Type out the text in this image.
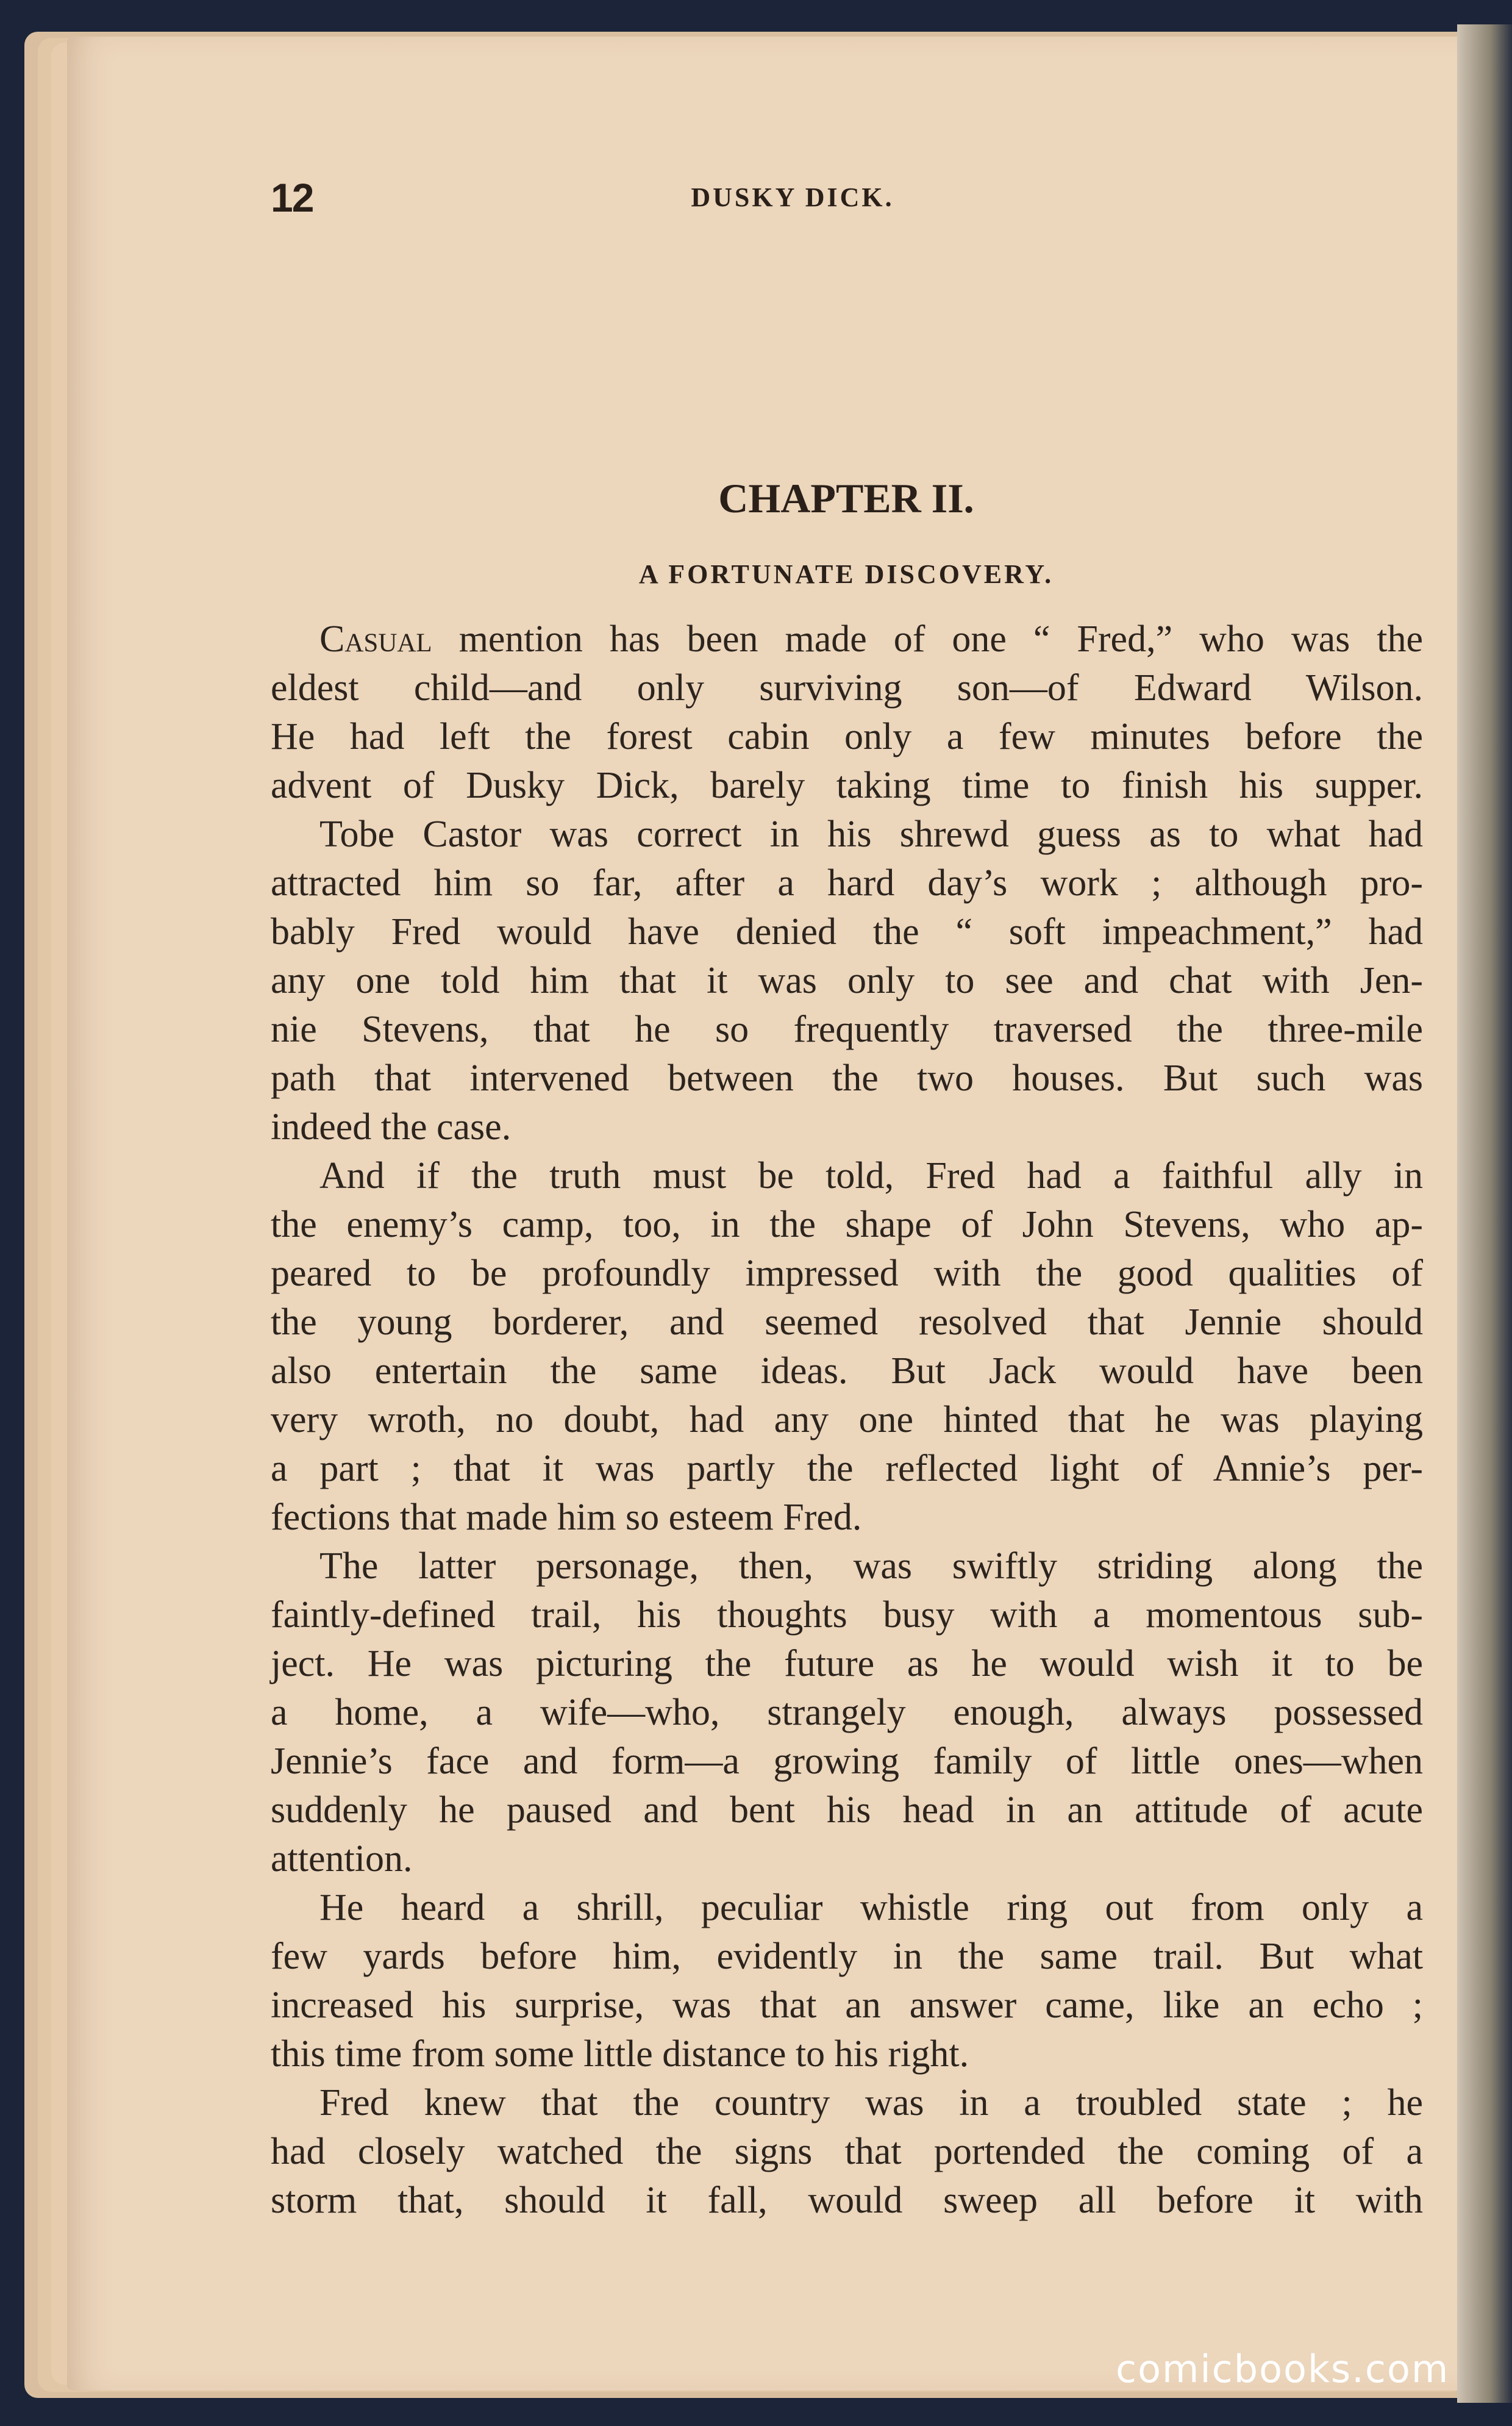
12	DUSKY DICK.
CHAPTER II.
A FORTUNATE DISCOVERY.
Casual mention has been made of one “ Fred,” who was the
eldest child—and only surviving son—of Edward Wilson.
He had left the forest cabin only a few minutes before the
advent of Dusky Dick, barely taking time to finish his supper.
Tobe Castor was correct in his shrewd guess as to what had
attracted him so far, after a hard day’s work ; although pro-
bably Fred would have denied the “ soft impeachment,” had
any one told him that it was only to see and chat with Jen-
nie Stevens, that he so frequently traversed the three-mile
path that intervened between the two houses. But such was
indeed the case.
And if the truth must be told, Fred had a faithful ally in
the enemy’s camp, too, in the shape of John Stevens, who ap-
peared to be profoundly impressed with the good qualities of
the young borderer, and seemed resolved that Jennie should
also entertain the same ideas. But Jack would have been
very wroth, no doubt, had any one hinted that he was playing
a part ; that it was partly the reflected light of Annie’s per-
fections that made him so esteem Fred.
The latter personage, then, was swiftly striding along the
faintly-defined trail, his thoughts busy with a momentous sub-
ject. He was picturing the future as he would wish it to be
a home, a wife—who, strangely enough, always possessed
Jennie’s face and form—a growing family of little ones—when
suddenly he paused and bent his head in an attitude of acute
attention.
He heard a shrill, peculiar whistle ring out from only a
few yards before him, evidently in the same trail. But what
increased his surprise, was that an answer came, like an echo ;
this time from some little distance to his right.
Fred knew that the country was in a troubled state ; he
had closely watched the signs that portended the coming of a
storm that, should it fall, would sweep all before it with
comicbooks.com
